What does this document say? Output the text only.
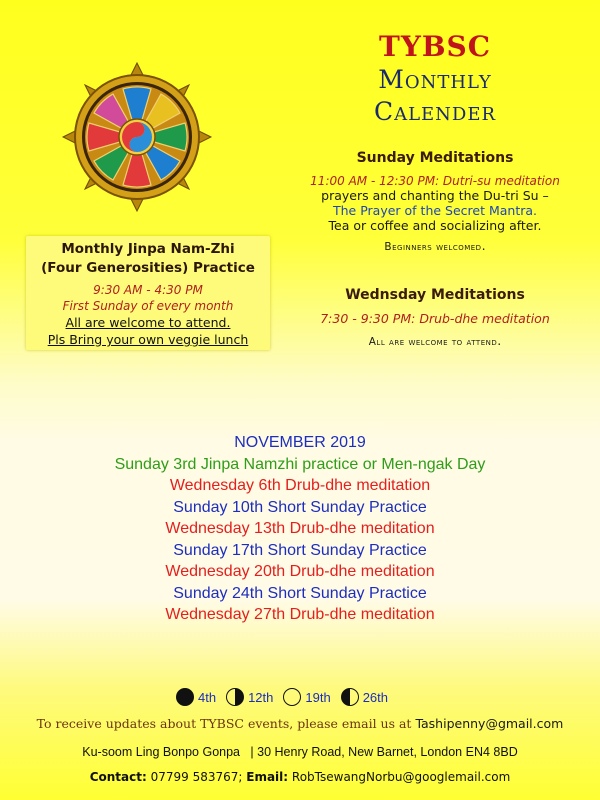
TYBSC
Monthly
Calender
Sunday Meditations
11:00 AM - 12:30 PM: Dutri-su meditation
prayers and chanting the Du-tri Su –
The Prayer of the Secret Mantra.
Tea or coffee and socializing after.
Beginners welcomed.
Wednsday Meditations
7:30 - 9:30 PM: Drub-dhe meditation
All are welcome to attend.
Monthly Jinpa Nam-Zhi
(Four Generosities) Practice
9:30 AM - 4:30 PM
First Sunday of every month
All are welcome to attend.
Pls Bring your own veggie lunch
NOVEMBER 2019
Sunday 3rd Jinpa Namzhi practice or Men-ngak Day
Wednesday 6th Drub-dhe meditation
Sunday 10th Short Sunday Practice
Wednesday 13th Drub-dhe meditation
Sunday 17th Short Sunday Practice
Wednesday 20th Drub-dhe meditation
Sunday 24th Short Sunday Practice
Wednesday 27th Drub-dhe meditation
4th 12th 19th 26th
To receive updates about TYBSC events, please email us at Tashipenny@gmail.com
Ku-soom Ling Bonpo Gonpa   | 30 Henry Road, New Barnet, London EN4 8BD
Contact: 07799 583767; Email: RobTsewangNorbu@googlemail.com
